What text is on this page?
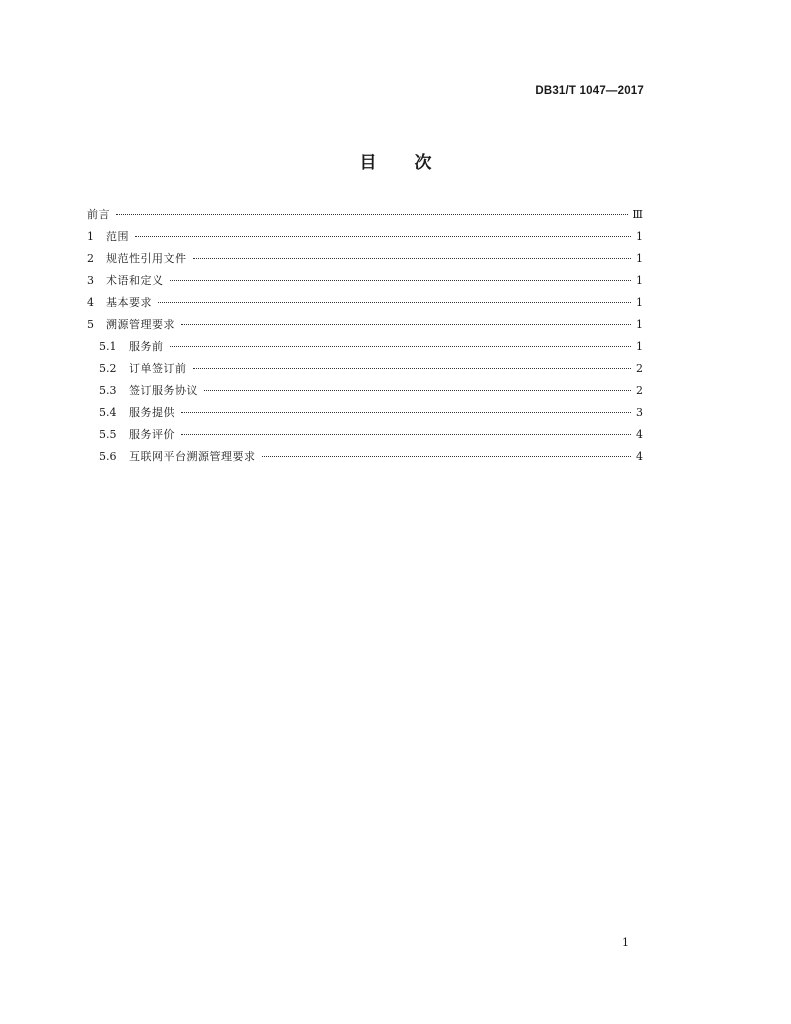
DB31/T 1047—2017
目 次
前言	Ⅲ
1	范围	1
2	规范性引用文件	1
3	术语和定义	1
4	基本要求	1
5	溯源管理要求	1
5.1	服务前	1
5.2	订单签订前	2
5.3	签订服务协议	2
5.4	服务提供	3
5.5	服务评价	4
5.6	互联网平台溯源管理要求	4
1
